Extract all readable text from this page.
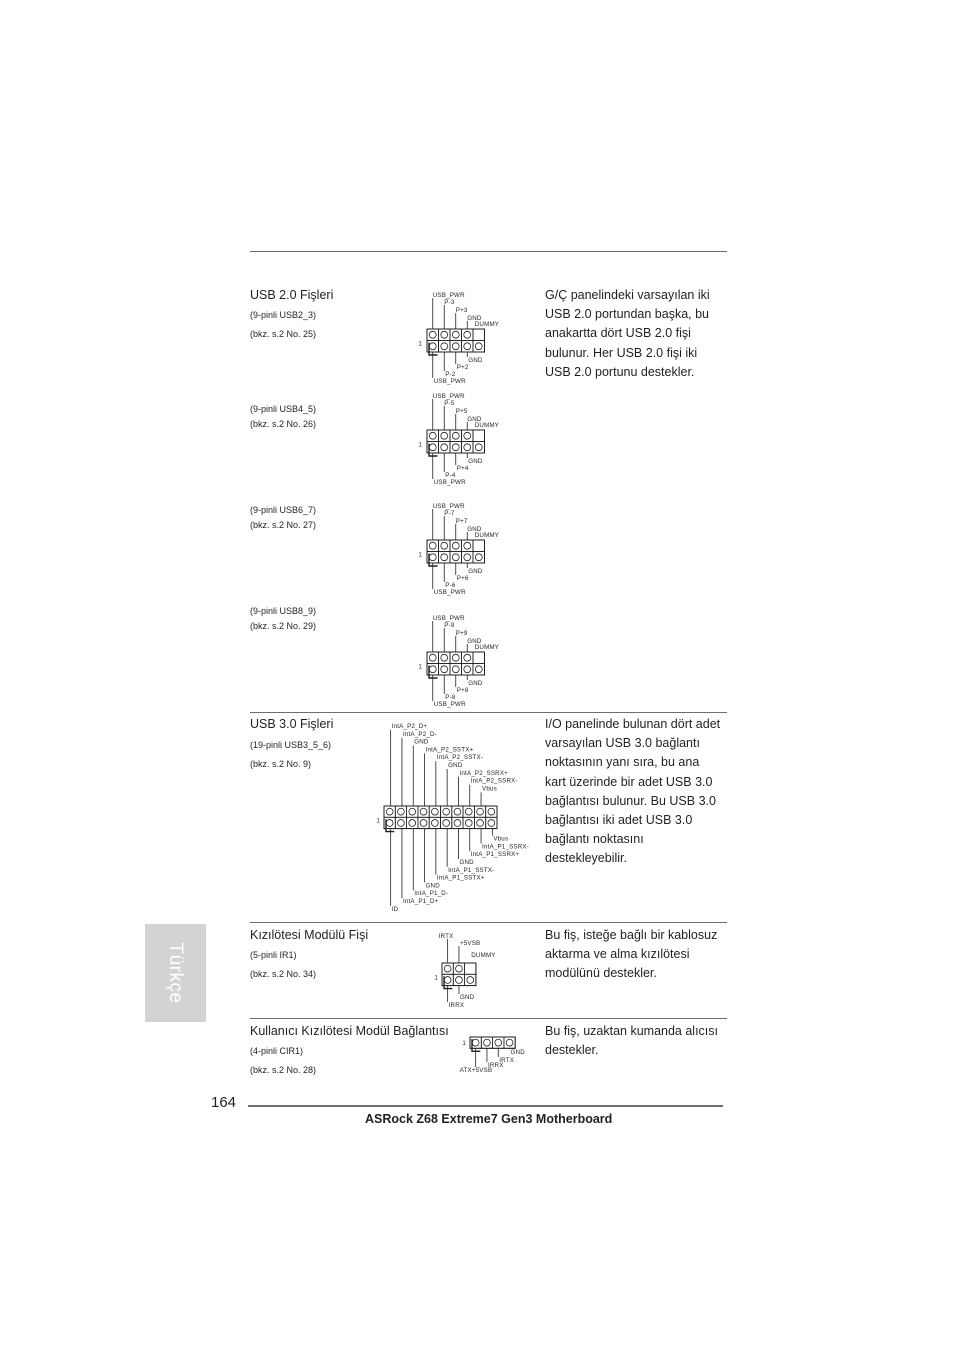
USB 2.0 Fişleri
(9-pinli USB2_3)
(bkz. s.2 No. 25)
(9-pinli USB4_5)
(bkz. s.2 No. 26)
(9-pinli USB6_7)
(bkz. s.2 No. 27)
(9-pinli USB8_9)
(bkz. s.2 No. 29)
G/Ç panelindeki varsayılan iki
USB 2.0 portundan başka, bu
anakartta dört USB 2.0 fişi
bulunur. Her USB 2.0 fişi iki
USB 2.0 portunu destekler.
1
USB_PWR
P-3
P+3
GND
DUMMY
GND
P+2
P-2
USB_PWR
1
USB_PWR
P-5
P+5
GND
DUMMY
GND
P+4
P-4
USB_PWR
1
USB_PWR
P-7
P+7
GND
DUMMY
GND
P+6
P-6
USB_PWR
1
USB_PWR
P-9
P+9
GND
DUMMY
GND
P+8
P-8
USB_PWR
USB 3.0 Fişleri
(19-pinli USB3_5_6)
(bkz. s.2 No. 9)
I/O panelinde bulunan dört adet
varsayılan USB 3.0 bağlantı
noktasının yanı sıra, bu ana
kart üzerinde bir adet USB 3.0
bağlantısı bulunur. Bu USB 3.0
bağlantısı iki adet USB 3.0
bağlantı noktasını
destekleyebilir.
1
IntA_P2_D+
IntA_P2_D-
GND
IntA_P2_SSTX+
IntA_P2_SSTX-
GND
IntA_P2_SSRX+
IntA_P2_SSRX-
Vbus
Vbus
IntA_P1_SSRX-
IntA_P1_SSRX+
GND
IntA_P1_SSTX-
IntA_P1_SSTX+
GND
IntA_P1_D-
IntA_P1_D+
ID
Kızılötesi Modülü Fişi
(5-pinli IR1)
(bkz. s.2 No. 34)
Bu fiş, isteğe bağlı bir kablosuz
aktarma ve alma kızılötesi
modülünü destekler.
1
IRTX
+5VSB
DUMMY
GND
IRRX
Kullanıcı Kızılötesi Modül Bağlantısı
(4-pinli CIR1)
(bkz. s.2 No. 28)
Bu fiş, uzaktan kumanda alıcısı
destekler.
1
GND
IRTX
IRRX
ATX+5VSB
Türkçe
164
ASRock Z68 Extreme7 Gen3 Motherboard
